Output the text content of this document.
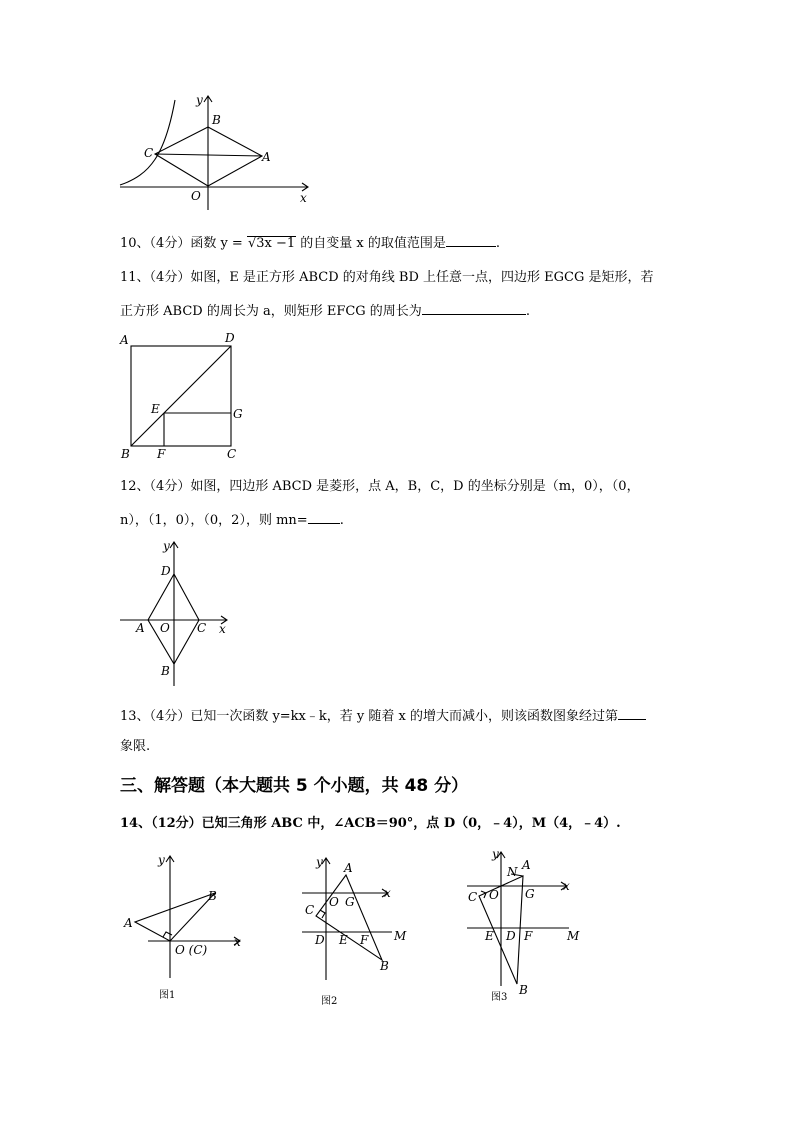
y
B
C	A
O	x
10、（4分）函数 y = √3x −1 的自变量 x 的取值范围是	.
11、（4分）如图，E 是正方形 ABCD 的对角线 BD 上任意一点，四边形 EGCG 是矩形，若
正方形 ABCD 的周长为 a，则矩形 EFCG 的周长为	.
A	D
E	G
B F	C
12、（4分）如图，四边形 ABCD 是菱形，点 A，B，C，D 的坐标分别是（m，0），（0，
n），（1，0），（0，2），则 mn= .
y
D
A O C x
B
13、（4分）已知一次函数 y=kx﹣k，若 y 随着 x 的增大而减小，则该函数图象经过第
象限.
三、解答题（本大题共 5 个小题，共 48 分）
14、（12分）已知三角形 ABC 中，∠ACB＝90°，点 D（0，﹣4），M（4，﹣4）.
y
B
A
O (C)
x
图1
y A
x
C
O G
D E F M
B
图2
y
N A
x
C O G
E D F	M
B
图3
